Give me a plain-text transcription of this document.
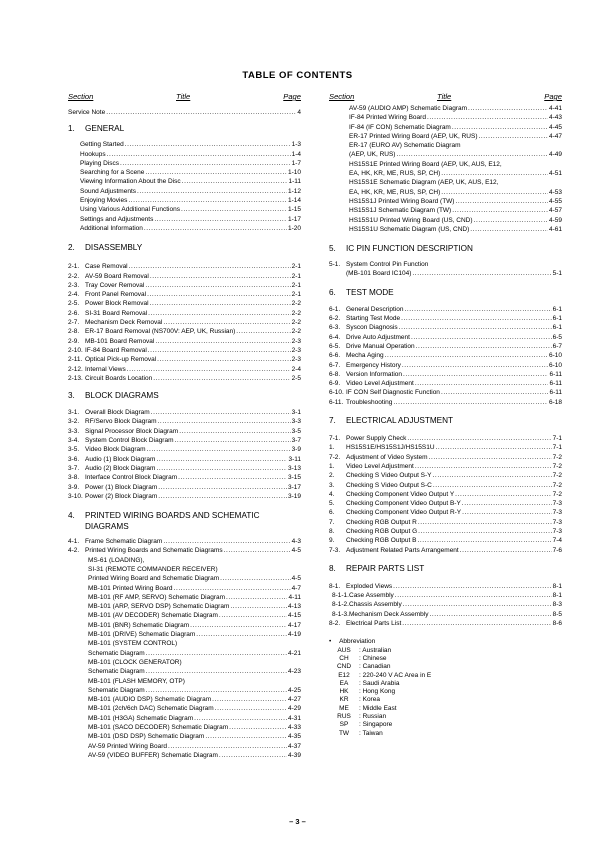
TABLE OF CONTENTS
Section	Title	Page
Service Note .....	4
1.	GENERAL
Getting Started .....	1-3
Hookups .....	1-4
Playing Discs .....	1-7
Searching for a Scene .....	1-10
Viewing Information About the Disc .....	1-11
Sound Adjustments .....	1-12
Enjoying Movies .....	1-14
Using Various Additional Functions .....	1-15
Settings and Adjustments .....	1-17
Additional Information .....	1-20
2.	DISASSEMBLY
2-1. Case Removal .....	2-1
2-2. AV-59 Board Removal .....	2-1
2-3. Tray Cover Removal .....	2-1
2-4. Front Panel Removal .....	2-1
2-5. Power Block Removal .....	2-2
2-6. SI-31 Board Removal .....	2-2
2-7. Mechanism Deck Removal .....	2-2
2-8. ER-17 Board Removal (NS700V: AEP, UK, Russian) .....	2-2
2-9. MB-101 Board Removal .....	2-3
2-10. IF-84 Board Removal .....	2-3
2-11. Optical Pick-up Removal .....	2-3
2-12. Internal Views .....	2-4
2-13. Circuit Boards Location .....	2-5
3.	BLOCK DIAGRAMS
3-1. Overall Block Diagram .....	3-1
3-2. RF/Servo Block Diagram .....	3-3
3-3. Signal Processor Block Diagram .....	3-5
3-4. System Control Block Diagram .....	3-7
3-5. Video Block Diagram .....	3-9
3-6. Audio (1) Block Diagram .....	3-11
3-7. Audio (2) Block Diagram .....	3-13
3-8. Interface Control Block Diagram .....	3-15
3-9. Power (1) Block Diagram .....	3-17
3-10. Power (2) Block Diagram .....	3-19
4.	PRINTED WIRING BOARDS AND SCHEMATIC DIAGRAMS
4-1. Frame Schematic Diagram .....	4-3
4-2. Printed Wiring Boards and Schematic Diagrams .....	4-5
MS-61 (LOADING),
SI-31 (REMOTE COMMANDER RECEIVER)
Printed Wiring Board and Schematic Diagram .....	4-5
MB-101 Printed Wiring Board .....	4-7
MB-101 (RF AMP, SERVO) Schematic Diagram .....	4-11
MB-101 (ARP, SERVO DSP) Schematic Diagram .....	4-13
MB-101 (AV DECODER) Schematic Diagram .....	4-15
MB-101 (BNR) Schematic Diagram .....	4-17
MB-101 (DRIVE) Schematic Diagram .....	4-19
MB-101 (SYSTEM CONTROL)
Schematic Diagram .....	4-21
MB-101 (CLOCK GENERATOR)
Schematic Diagram .....	4-23
MB-101 (FLASH MEMORY, OTP)
Schematic Diagram .....	4-25
MB-101 (AUDIO DSP) Schematic Diagram .....	4-27
MB-101 (2ch/6ch DAC) Schematic Diagram .....	4-29
MB-101 (H3GA) Schematic Diagram .....	4-31
MB-101 (SACO DECODER) Schematic Diagram .....	4-33
MB-101 (DSD DSP) Schematic Diagram .....	4-35
AV-59 Printed Wiring Board .....	4-37
AV-59 (VIDEO BUFFER) Schematic Diagram .....	4-39
Section	Title	Page
AV-59 (AUDIO AMP) Schematic Diagram .....	4-41
IF-84 Printed Wiring Board .....	4-43
IF-84 (IF CON) Schematic Diagram .....	4-45
ER-17 Printed Wiring Board (AEP, UK, RUS) .....	4-47
ER-17 (EURO AV) Schematic Diagram
(AEP, UK, RUS) .....	4-49
HS15S1E Printed Wiring Board (AEP, UK, AUS, E12,
EA, HK, KR, ME, RUS, SP, CH) .....	4-51
HS15S1E Schematic Diagram (AEP, UK, AUS, E12,
EA, HK, KR, ME, RUS, SP, CH) .....	4-53
HS15S1J Printed Wiring Board (TW) .....	4-55
HS15S1J Schematic Diagram (TW) .....	4-57
HS15S1U Printed Wiring Board (US, CND) .....	4-59
HS15S1U Schematic Diagram (US, CND) .....	4-61
5.	IC PIN FUNCTION DESCRIPTION
5-1. System Control Pin Function
(MB-101 Board IC104) .....	5-1
6.	TEST MODE
6-1. General Description .....	6-1
6-2. Starting Test Mode .....	6-1
6-3. Syscon Diagnosis .....	6-1
6-4. Drive Auto Adjustment .....	6-5
6-5. Drive Manual Operation .....	6-7
6-6. Mecha Aging .....	6-10
6-7. Emergency History .....	6-10
6-8. Version Information .....	6-11
6-9. Video Level Adjustment .....	6-11
6-10. IF CON Self Diagnostic Function .....	6-11
6-11. Troubleshooting .....	6-18
7.	ELECTRICAL ADJUSTMENT
7-1. Power Supply Check .....	7-1
1.	HS15S1E/HS15S1J/HS15S1U .....	7-1
7-2. Adjustment of Video System .....	7-2
1.	Video Level Adjustment .....	7-2
2.	Checking S Video Output S-Y .....	7-2
3.	Checking S Video Output S-C .....	7-2
4.	Checking Component Video Output Y .....	7-2
5.	Checking Component Video Output B-Y .....	7-3
6.	Checking Component Video Output R-Y .....	7-3
7.	Checking RGB Output R .....	7-3
8.	Checking RGB Output G .....	7-3
9.	Checking RGB Output B .....	7-4
7-3. Adjustment Related Parts Arrangement .....	7-6
8.	REPAIR PARTS LIST
8-1. Exploded Views .....	8-1
8-1-1. Case Assembly .....	8-1
8-1-2. Chassis Assembly .....	8-3
8-1-3. Mechanism Deck Assembly .....	8-5
8-2. Electrical Parts List .....	8-6
• Abbreviation
AUS	: Australian
CH	: Chinese
CND	: Canadian
E12	: 220-240 V AC Area in E
EA	: Saudi Arabia
HK	: Hong Kong
KR	: Korea
ME	: Middle East
RUS	: Russian
SP	: Singapore
TW	: Taiwan
– 3 –
